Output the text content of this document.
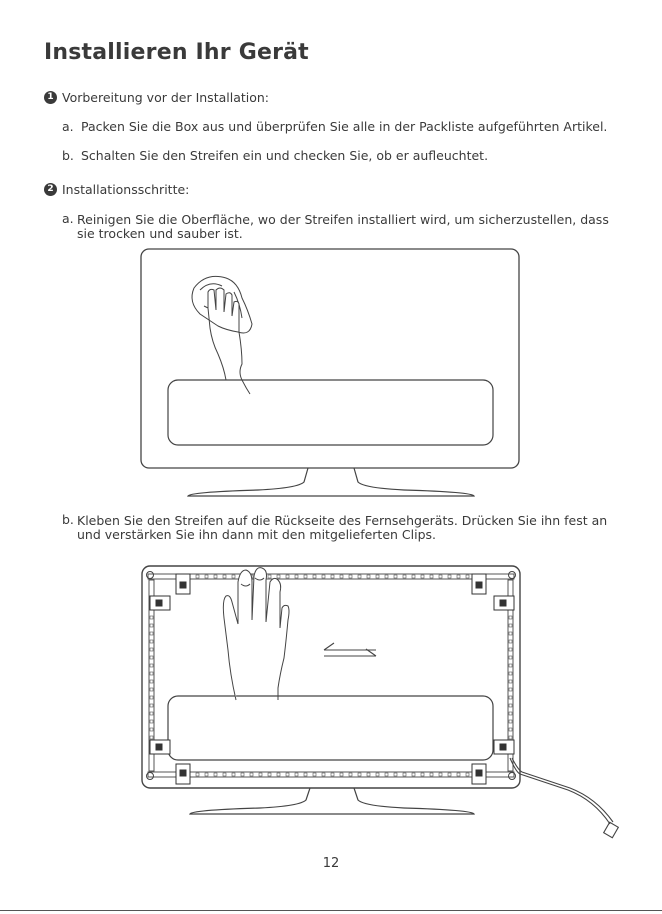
Installieren Ihr Gerät
1 Vorbereitung vor der Installation:
a. Packen Sie die Box aus und überprüfen Sie alle in der Packliste aufgeführten Artikel.
b. Schalten Sie den Streifen ein und checken Sie, ob er aufleuchtet.
2 Installationsschritte:
a. Reinigen Sie die Oberfläche, wo der Streifen installiert wird, um sicherzustellen, dass sie trocken und sauber ist.
b. Kleben Sie den Streifen auf die Rückseite des Fernsehgeräts. Drücken Sie ihn fest an und verstärken Sie ihn dann mit den mitgelieferten Clips.
12
